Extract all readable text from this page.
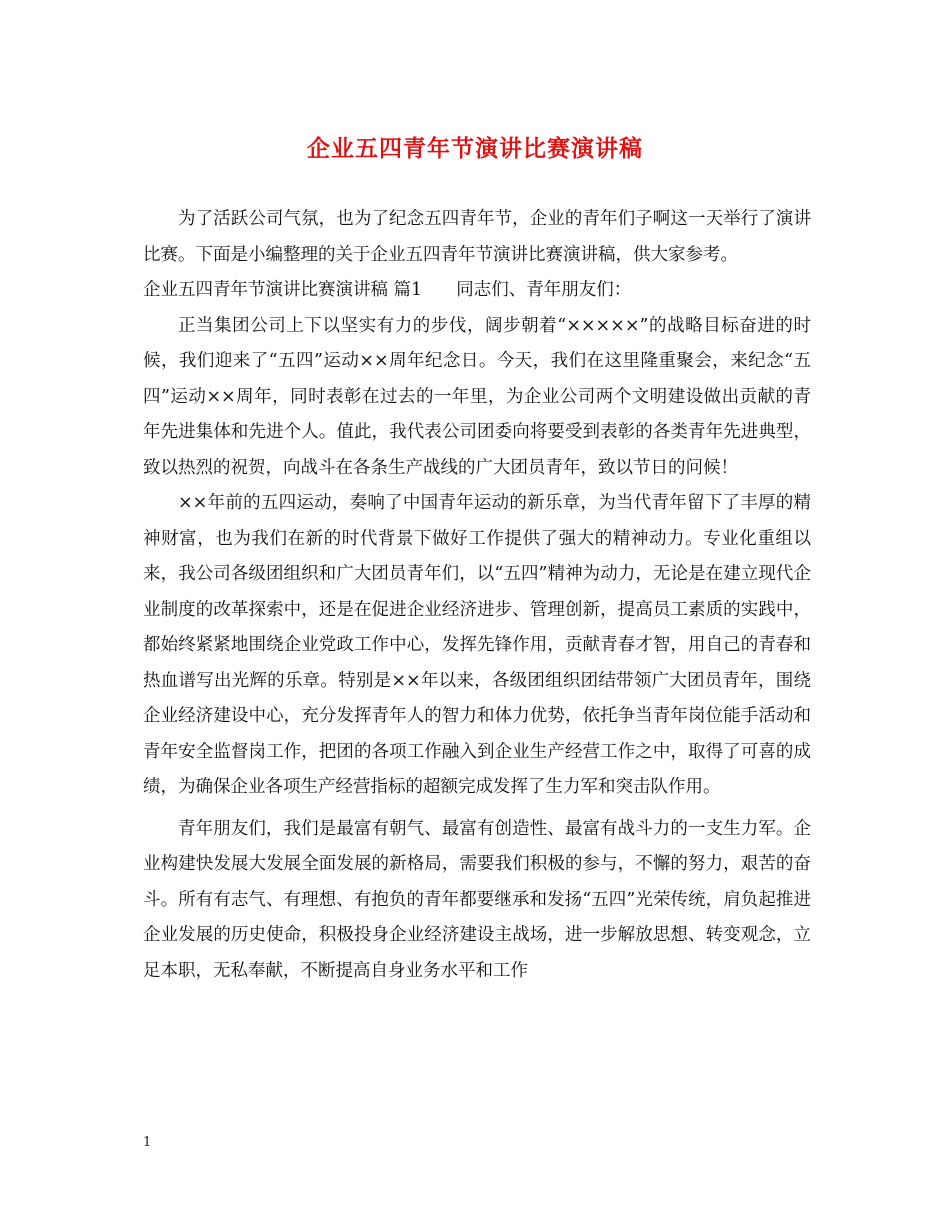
企业五四青年节演讲比赛演讲稿

为了活跃公司气氛，也为了纪念五四青年节，企业的青年们子啊这一天举行了演讲比赛。下面是小编整理的关于企业五四青年节演讲比赛演讲稿，供大家参考。

企业五四青年节演讲比赛演讲稿 篇1 同志们、青年朋友们：

正当集团公司上下以坚实有力的步伐，阔步朝着“×××××”的战略目标奋进的时候，我们迎来了“五四”运动××周年纪念日。今天，我们在这里隆重聚会，来纪念“五四”运动××周年，同时表彰在过去的一年里，为企业公司两个文明建设做出贡献的青年先进集体和先进个人。值此，我代表公司团委向将要受到表彰的各类青年先进典型，致以热烈的祝贺，向战斗在各条生产战线的广大团员青年，致以节日的问候！

××年前的五四运动，奏响了中国青年运动的新乐章，为当代青年留下了丰厚的精神财富，也为我们在新的时代背景下做好工作提供了强大的精神动力。专业化重组以来，我公司各级团组织和广大团员青年们，以“五四”精神为动力，无论是在建立现代企业制度的改革探索中，还是在促进企业经济进步、管理创新，提高员工素质的实践中，都始终紧紧地围绕企业党政工作中心，发挥先锋作用，贡献青春才智，用自己的青春和热血谱写出光辉的乐章。特别是××年以来，各级团组织团结带领广大团员青年，围绕企业经济建设中心，充分发挥青年人的智力和体力优势，依托争当青年岗位能手活动和青年安全监督岗工作，把团的各项工作融入到企业生产经营工作之中，取得了可喜的成绩，为确保企业各项生产经营指标的超额完成发挥了生力军和突击队作用。

青年朋友们，我们是最富有朝气、最富有创造性、最富有战斗力的一支生力军。企业构建快发展大发展全面发展的新格局，需要我们积极的参与，不懈的努力，艰苦的奋斗。所有有志气、有理想、有抱负的青年都要继承和发扬“五四”光荣传统，肩负起推进企业发展的历史使命，积极投身企业经济建设主战场，进一步解放思想、转变观念，立足本职，无私奉献，不断提高自身业务水平和工作

1
